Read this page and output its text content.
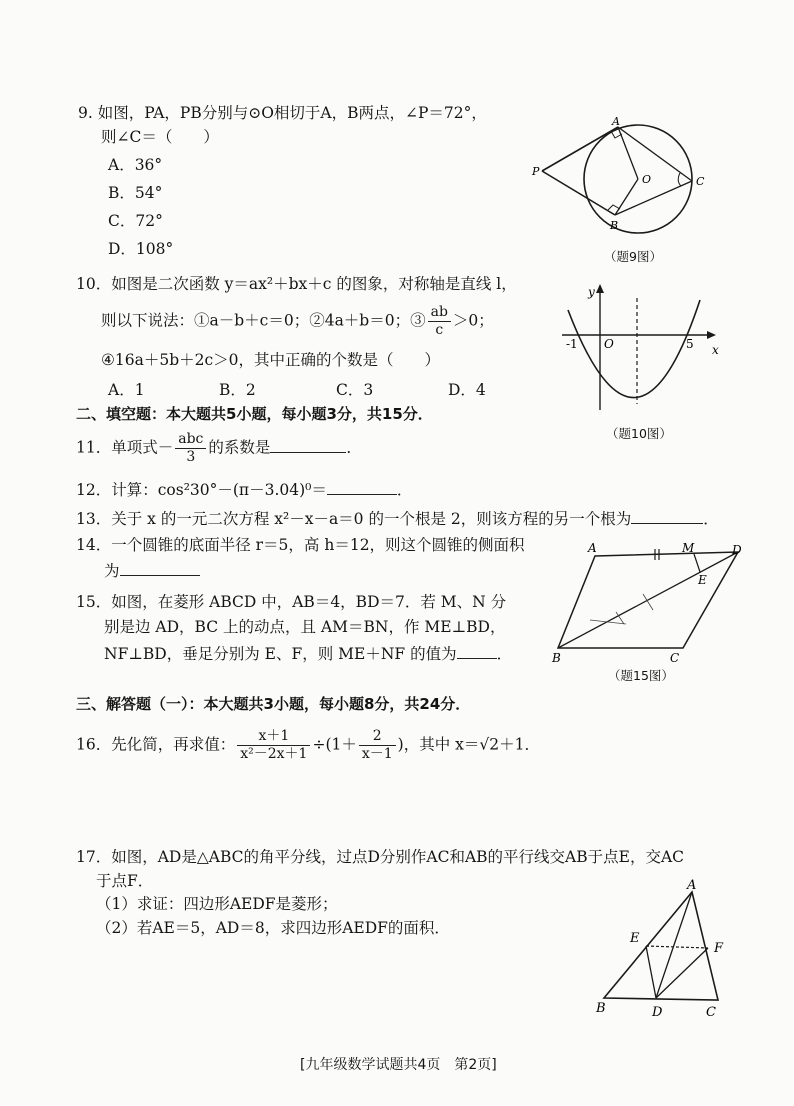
9. 如图，PA，PB分别与⊙O相切于A，B两点，∠P＝72°，
则∠C＝（　　）
A．36°
B．54°
C．72°
D．108°
A
B
P
O	C
（题9图）
10．如图是二次函数 y＝ax²＋bx＋c 的图象，对称轴是直线 l，
则以下说法：①a－b＋c＝0；②4a＋b＝0；③ $\frac{ab}{c} >0$；
④16a＋5b＋2c＞0，其中正确的个数是（　　）
A．1	B．2	C．3	D．4
y
x
O
-1	5
（题10图）
二、填空题：本大题共5小题，每小题3分，共15分．
11．单项式－ $\frac{\text{abc}}{3}$ 的系数是	．
12．计算：cos²30°－(π－3.04)⁰＝	．
13．关于 x 的一元二次方程 x²－x－a＝0 的一个根是 2，则该方程的另一个根为	．
14．一个圆锥的底面半径 r＝5，高 h＝12，则这个圆锥的侧面积
为
15．如图，在菱形 ABCD 中，AB＝4，BD＝7．若 M、N 分
别是边 AD，BC 上的动点，且 AM＝BN，作 ME⊥BD，
NF⊥BD，垂足分别为 E、F，则 ME＋NF 的值为	．
A	M	D
E
B	C
（题15图）
三、解答题（一）：本大题共3小题，每小题8分，共24分．
16．先化简，再求值： $\frac{x+1}{\text{x²－2x＋1}} \div(1+ \frac{2}{x-1}$ )，其中 x＝√2＋1．
17．如图，AD是△ABC的角平分线，过点D分别作AC和AB的平行线交AB于点E，交AC
于点F．
（1）求证：四边形AEDF是菱形；
（2）若AE＝5，AD＝8，求四边形AEDF的面积．
A
E
F
B	D	C
[九年级数学试题共4页　第2页]
